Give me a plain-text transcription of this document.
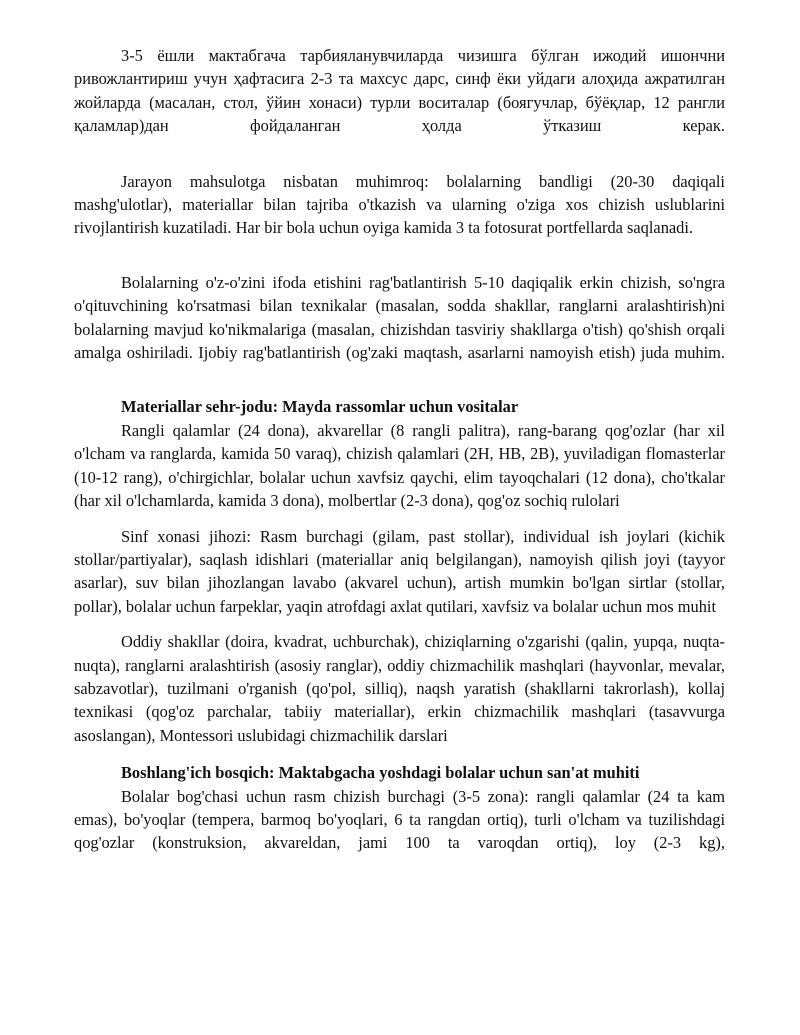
3-5 ёшли мактабгача тарбияланувчиларда чизишга бўлган ижодий ишончни ривожлантириш учун ҳафтасига 2-3 та махсус дарс, синф ёки уйдаги алоҳида ажратилган жойларда (масалан, стол, ўйин хонаси) турли воситалар (боягучлар, бўёқлар, 12 рангли қаламлар)дан фойдаланган ҳолда ўтказиш керак.

Jarayon mahsulotga nisbatan muhimroq: bolalarning bandligi (20-30 daqiqali mashg'ulotlar), materiallar bilan tajriba o'tkazish va ularning o'ziga xos chizish uslublarini rivojlantirish kuzatiladi. Har bir bola uchun oyiga kamida 3 ta fotosurat portfellarda saqlanadi.

Bolalarning o'z-o'zini ifoda etishini rag'batlantirish 5-10 daqiqalik erkin chizish, so'ngra o'qituvchining ko'rsatmasi bilan texnikalar (masalan, sodda shakllar, ranglarni aralashtirish)ni bolalarning mavjud ko'nikmalariga (masalan, chizishdan tasviriy shakllarga o'tish) qo'shish orqali amalga oshiriladi. Ijobiy rag'batlantirish (og'zaki maqtash, asarlarni namoyish etish) juda muhim.

Materiallar sehr-jodu: Mayda rassomlar uchun vositalar

Rangli qalamlar (24 dona), akvarellar (8 rangli palitra), rang-barang qog'ozlar (har xil o'lcham va ranglarda, kamida 50 varaq), chizish qalamlari (2H, HB, 2B), yuviladigan flomasterlar (10-12 rang), o'chirgichlar, bolalar uchun xavfsiz qaychi, elim tayoqchalari (12 dona), cho'tkalar (har xil o'lchamlarda, kamida 3 dona), molbertlar (2-3 dona), qog'oz sochiq rulolari

Sinf xonasi jihozi: Rasm burchagi (gilam, past stollar), individual ish joylari (kichik stollar/partiyalar), saqlash idishlari (materiallar aniq belgilangan), namoyish qilish joyi (tayyor asarlar), suv bilan jihozlangan lavabo (akvarel uchun), artish mumkin bo'lgan sirtlar (stollar, pollar), bolalar uchun farpeklar, yaqin atrofdagi axlat qutilari, xavfsiz va bolalar uchun mos muhit

Oddiy shakllar (doira, kvadrat, uchburchak), chiziqlarning o'zgarishi (qalin, yupqa, nuqta-nuqta), ranglarni aralashtirish (asosiy ranglar), oddiy chizmachilik mashqlari (hayvonlar, mevalar, sabzavotlar), tuzilmani o'rganish (qo'pol, silliq), naqsh yaratish (shakllarni takrorlash), kollaj texnikasi (qog'oz parchalar, tabiiy materiallar), erkin chizmachilik mashqlari (tasavvurga asoslangan), Montessori uslubidagi chizmachilik darslari

Boshlang'ich bosqich: Maktabgacha yoshdagi bolalar uchun san'at muhiti

Bolalar bog'chasi uchun rasm chizish burchagi (3-5 zona): rangli qalamlar (24 ta kam emas), bo'yoqlar (tempera, barmoq bo'yoqlari, 6 ta rangdan ortiq), turli o'lcham va tuzilishdagi qog'ozlar (konstruksion, akvareldan, jami 100 ta varoqdan ortiq), loy (2-3 kg),
